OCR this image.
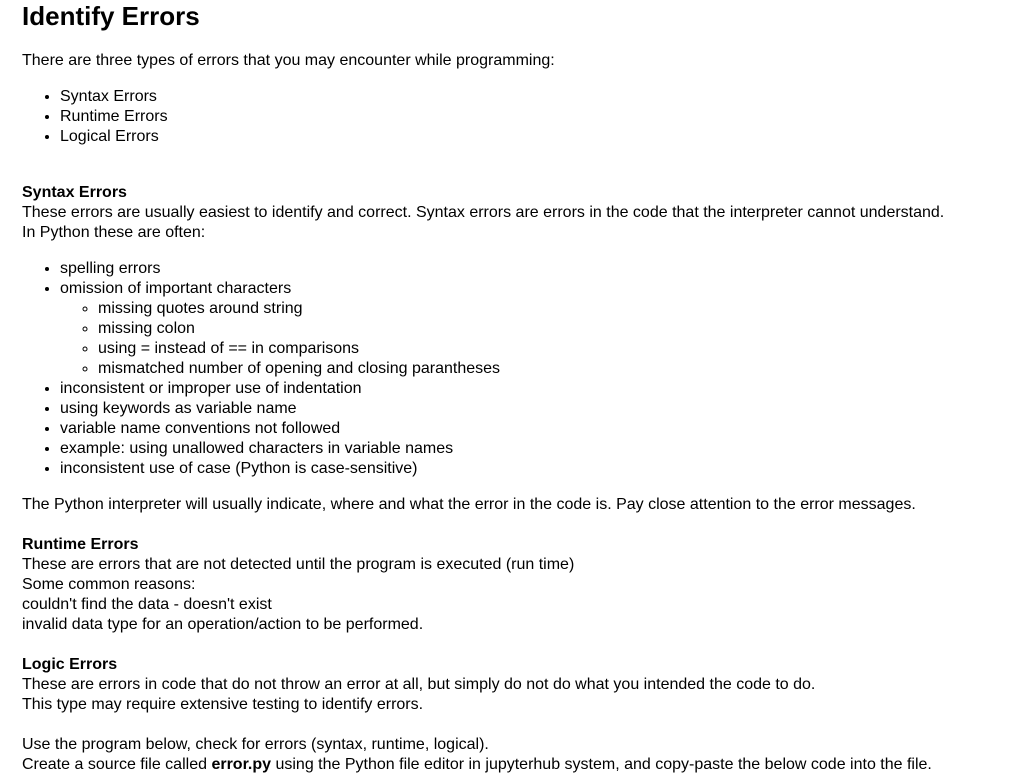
Identify Errors

There are three types of errors that you may encounter while programming:

• Syntax Errors
• Runtime Errors
• Logical Errors
Syntax Errors
These errors are usually easiest to identify and correct. Syntax errors are errors in the code that the interpreter cannot understand.
In Python these are often:
• spelling errors
• omission of important characters
◦ missing quotes around string
◦ missing colon
◦ using = instead of == in comparisons
◦ mismatched number of opening and closing parantheses
• inconsistent or improper use of indentation
• using keywords as variable name
• variable name conventions not followed
• example: using unallowed characters in variable names
• inconsistent use of case (Python is case-sensitive)

The Python interpreter will usually indicate, where and what the error in the code is. Pay close attention to the error messages.

Runtime Errors
These are errors that are not detected until the program is executed (run time)
Some common reasons:
couldn't find the data - doesn't exist
invalid data type for an operation/action to be performed.
Logic Errors
These are errors in code that do not throw an error at all, but simply do not do what you intended the code to do.
This type may require extensive testing to identify errors.
Use the program below, check for errors (syntax, runtime, logical).
Create a source file called error.py using the Python file editor in jupyterhub system, and copy-paste the below code into the file.
